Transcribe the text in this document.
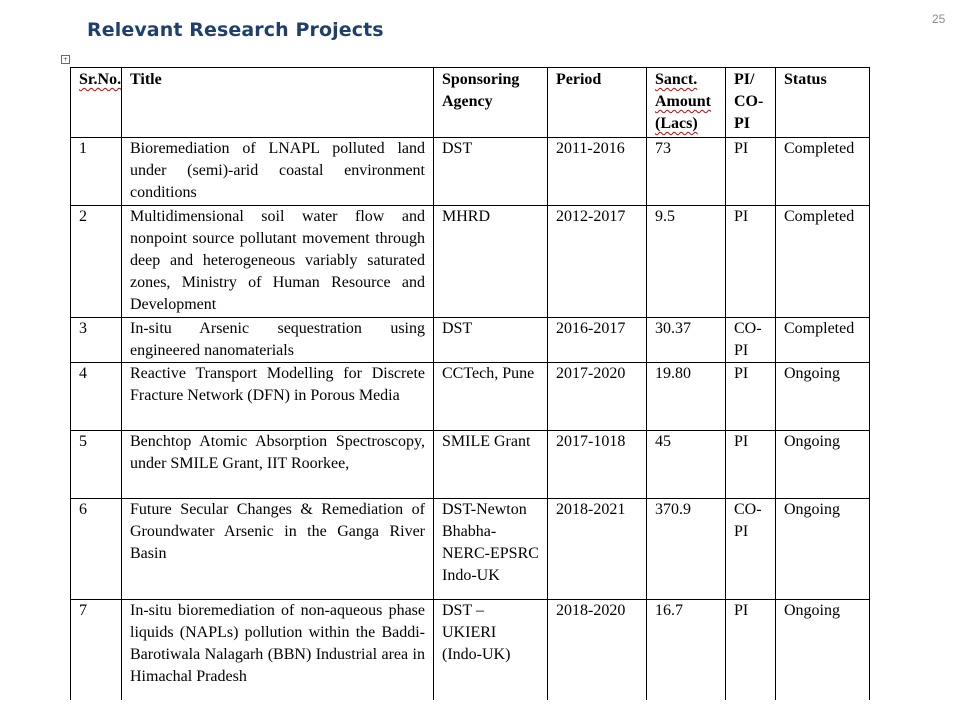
Relevant Research Projects	25
+
Sr.No.	Title	Sponsoring Agency	Period	Sanct. Amount (Lacs)	PI/ CO-PI	Status
1	Bioremediation of LNAPL polluted land under (semi)-arid coastal environment conditions	DST	2011-2016	73	PI	Completed
2	Multidimensional soil water flow and nonpoint source pollutant movement through deep and heterogeneous variably saturated zones, Ministry of Human Resource and Development	MHRD	2012-2017	9.5	PI	Completed
3	In-situ Arsenic sequestration using engineered nanomaterials	DST	2016-2017	30.37	CO-PI	Completed
4	Reactive Transport Modelling for Discrete Fracture Network (DFN) in Porous Media	CCTech, Pune	2017-2020	19.80	PI	Ongoing
5	Benchtop Atomic Absorption Spectroscopy, under SMILE Grant, IIT Roorkee,	SMILE Grant	2017-1018	45	PI	Ongoing
6	Future Secular Changes & Remediation of Groundwater Arsenic in the Ganga River Basin	DST-Newton Bhabha-NERC-EPSRC Indo-UK	2018-2021	370.9	CO-PI	Ongoing
7	In-situ bioremediation of non-aqueous phase liquids (NAPLs) pollution within the Baddi-Barotiwala Nalagarh (BBN) Industrial area in Himachal Pradesh	DST – UKIERI (Indo-UK)	2018-2020	16.7	PI	Ongoing
